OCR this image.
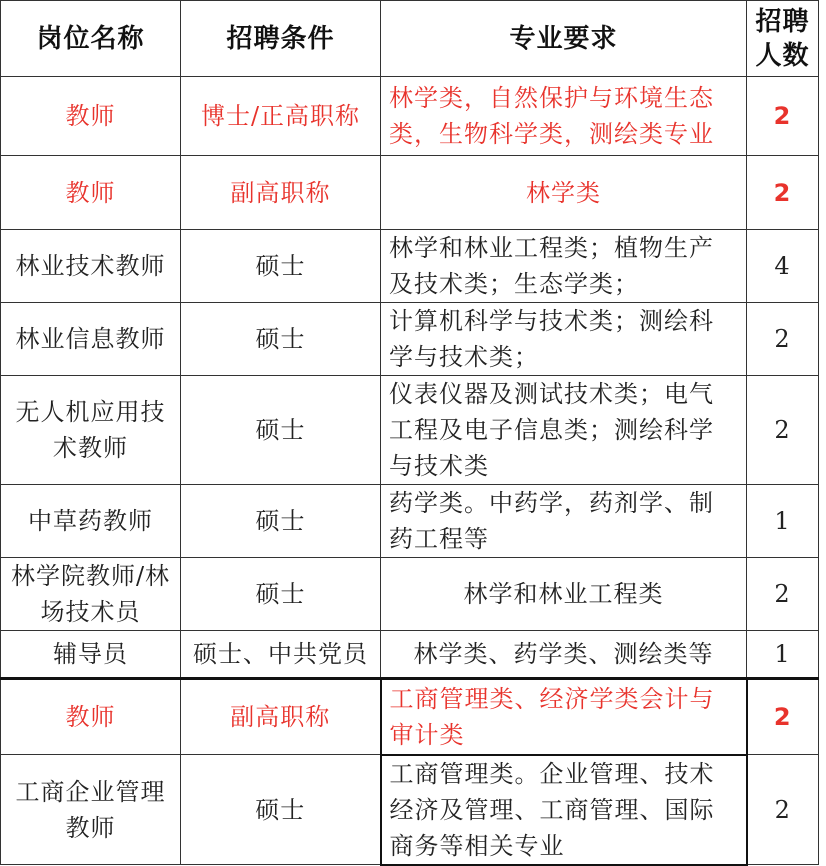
岗位名称	招聘条件	专业要求	招聘
人数
教师	博士/正高职称	林学类，自然保护与环境生态类，生物科学类，测绘类专业	2
教师	副高职称	林学类	2
林业技术教师	硕士	林学和林业工程类；植物生产及技术类；生态学类；	4
林业信息教师	硕士	计算机科学与技术类；测绘科学与技术类；	2
无人机应用技术教师	硕士	仪表仪器及测试技术类；电气工程及电子信息类；测绘科学与技术类	2
中草药教师	硕士	药学类。中药学，药剂学、制药工程等	1
林学院教师/林场技术员	硕士	林学和林业工程类	2
辅导员	硕士、中共党员	林学类、药学类、测绘类等	1
教师	副高职称	工商管理类、经济学类会计与审计类	2
工商企业管理教师	硕士	工商管理类。企业管理、技术经济及管理、工商管理、国际商务等相关专业	2
